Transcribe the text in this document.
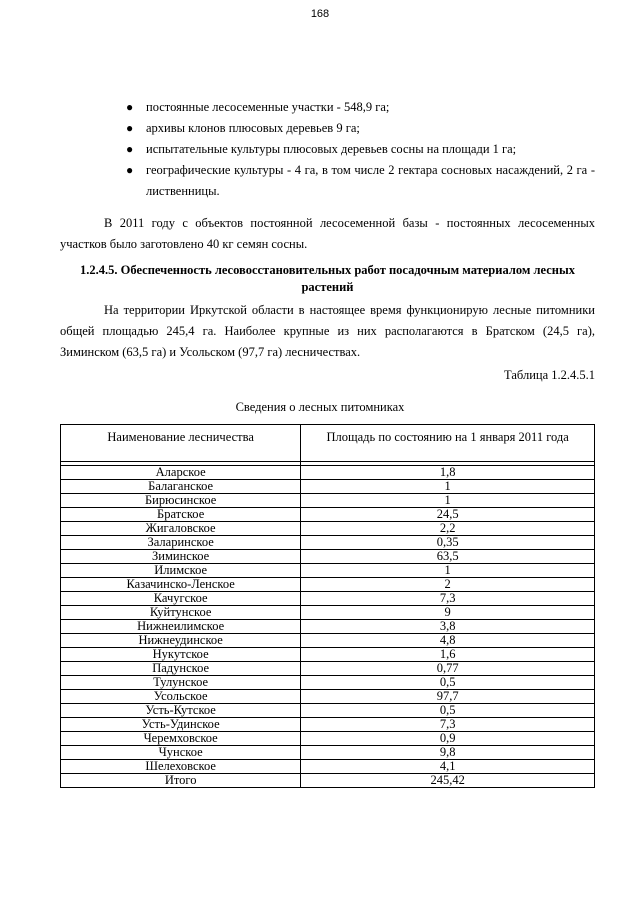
168
● постоянные лесосеменные участки - 548,9 га;
● архивы клонов плюсовых деревьев 9 га;
● испытательные культуры плюсовых деревьев сосны на площади 1 га;
● географические культуры - 4 га, в том числе 2 гектара сосновых насаждений, 2 га - лиственницы.

В 2011 году с объектов постоянной лесосеменной базы - постоянных лесосеменных участков было заготовлено 40 кг семян сосны.

1.2.4.5. Обеспеченность лесовосстановительных работ посадочным материалом лесных растений

На территории Иркутской области в настоящее время функционирую лесные питомники общей площадью 245,4 га. Наиболее крупные из них располагаются в Братском (24,5 га), Зиминском (63,5 га) и Усольском (97,7 га) лесничествах.

Таблица 1.2.4.5.1
Сведения о лесных питомниках
Наименование лесничества	Площадь по состоянию на 1 января 2011 года

Аларское	1,8
Балаганское	1
Бирюсинское	1
Братское	24,5
Жигаловское	2,2
Заларинское	0,35
Зиминское	63,5
Илимское	1
Казачинско-Ленское	2
Качугское	7,3
Куйтунское	9
Нижнеилимское	3,8
Нижнеудинское	4,8
Нукутское	1,6
Падунское	0,77
Тулунское	0,5
Усольское	97,7
Усть-Кутское	0,5
Усть-Удинское	7,3
Черемховское	0,9
Чунское	9,8
Шелеховское	4,1
Итого	245,42
